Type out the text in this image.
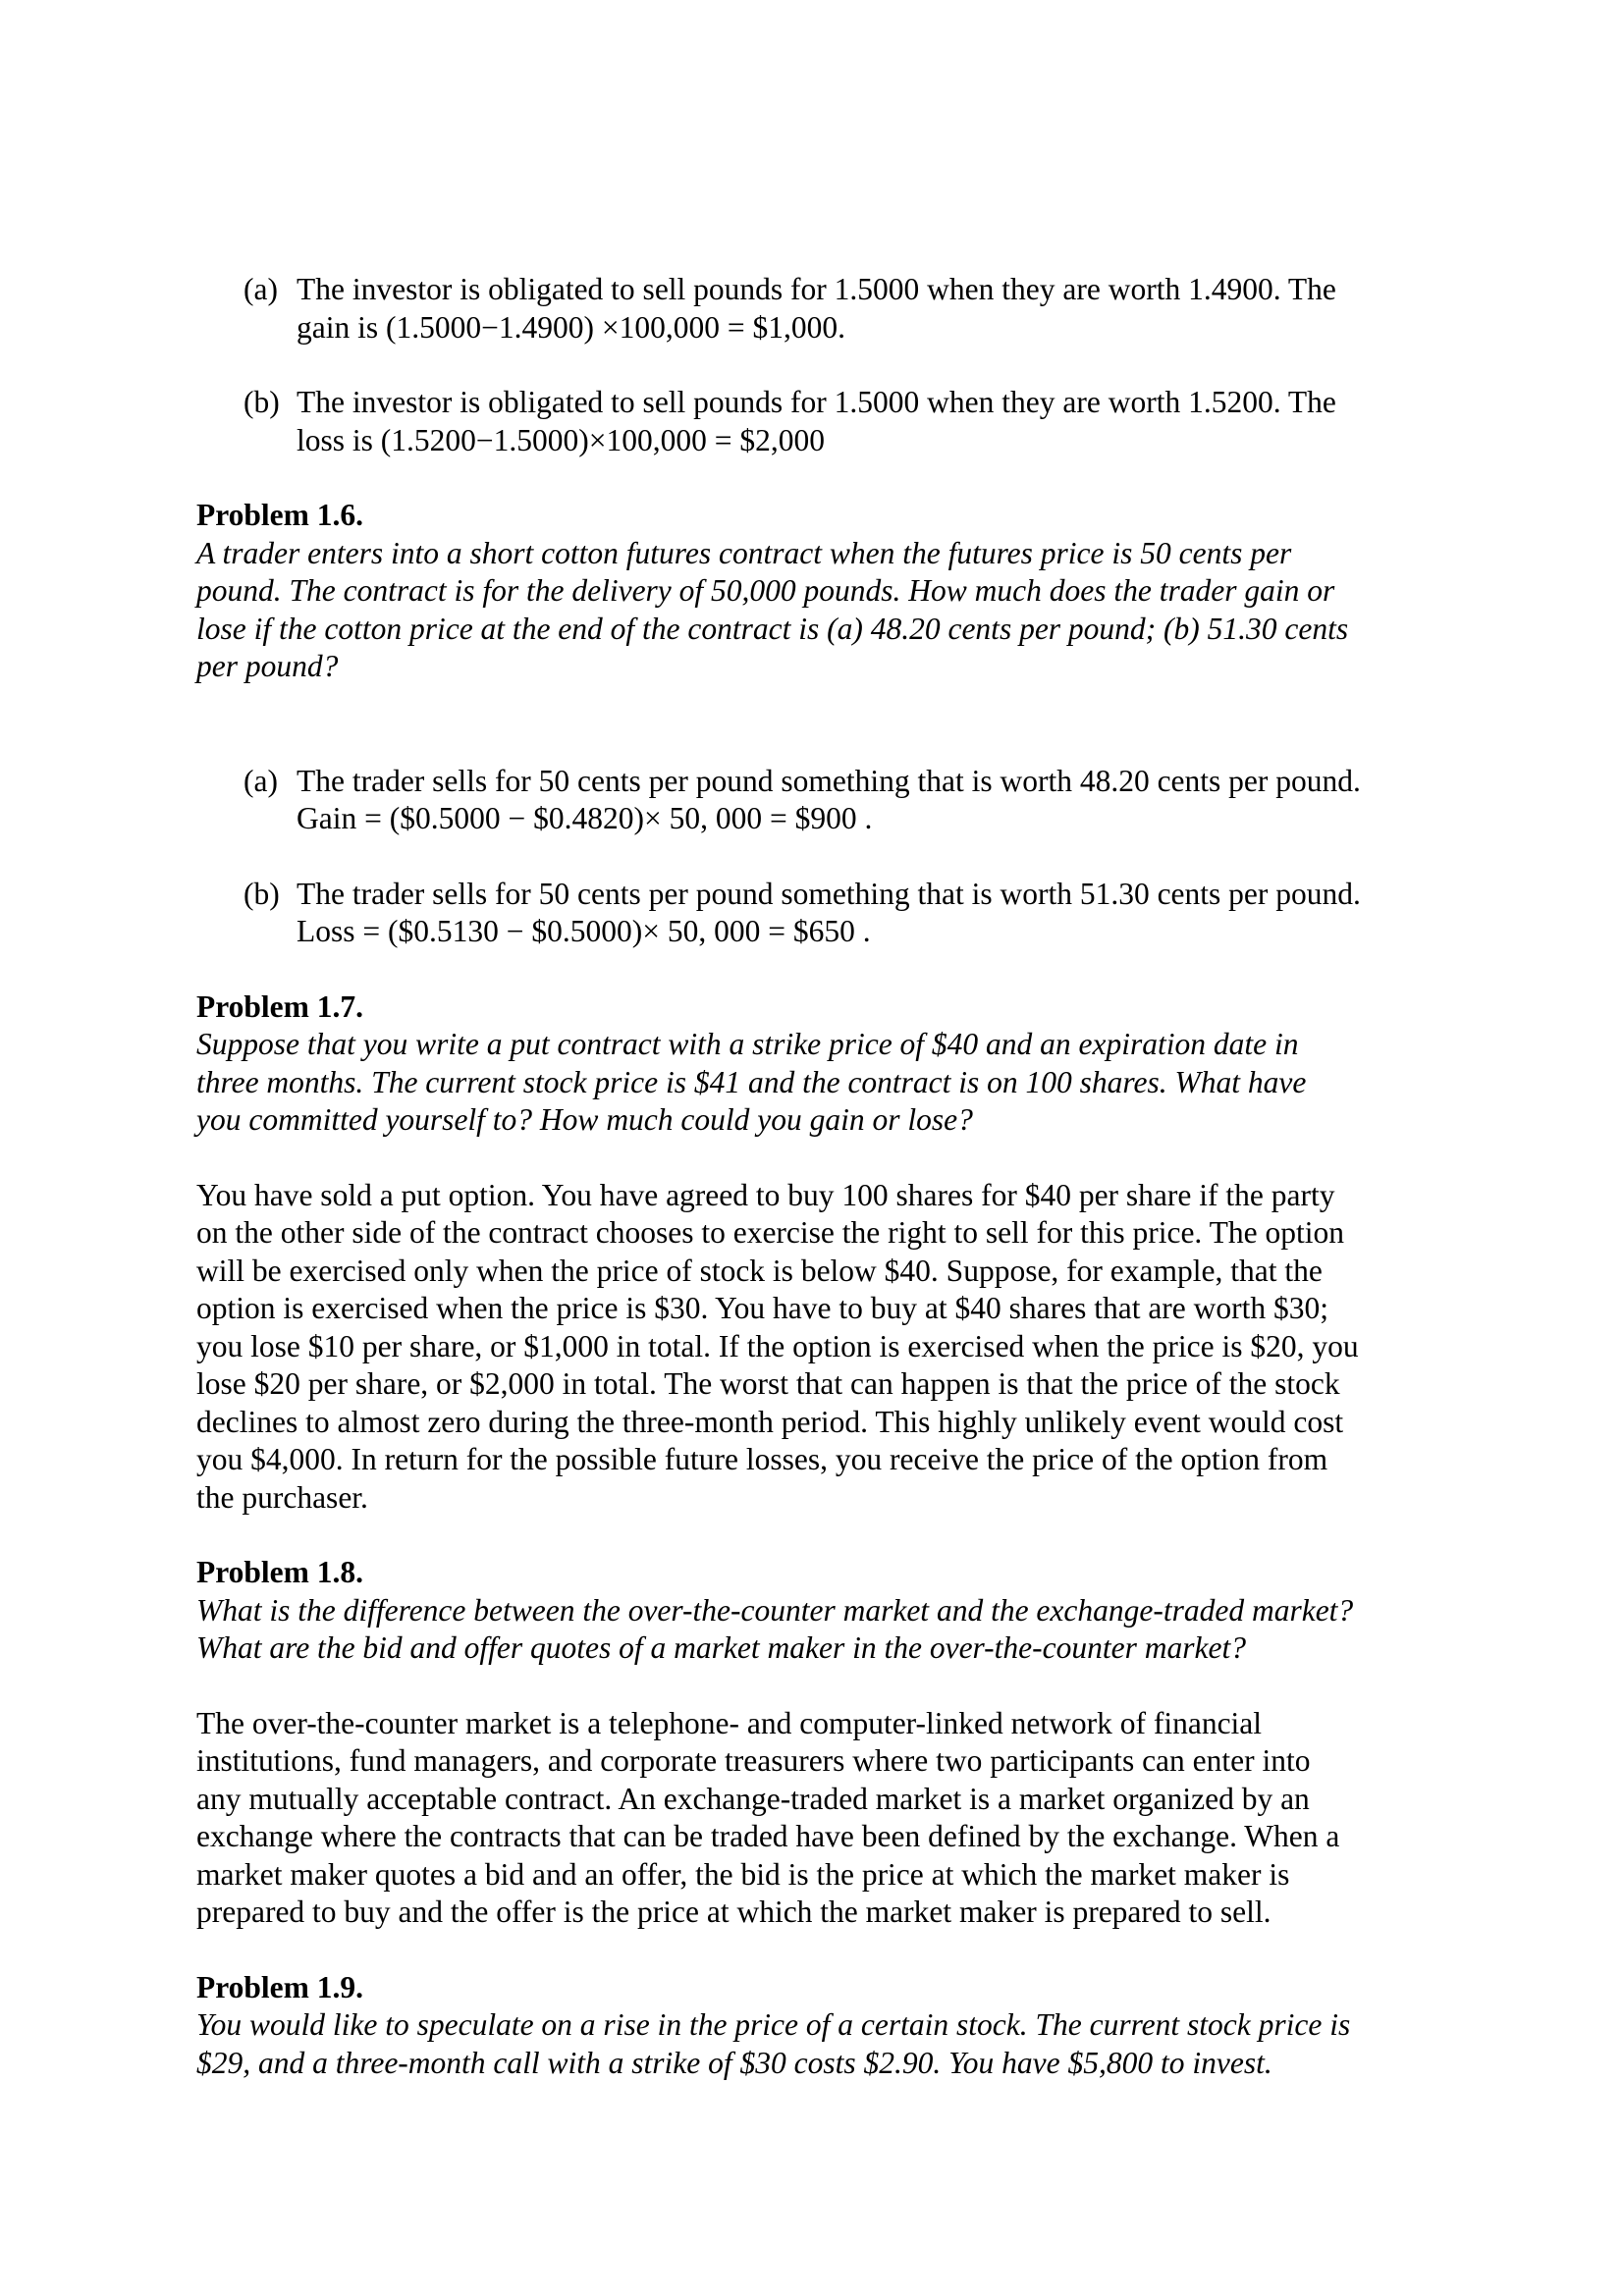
(a) The investor is obligated to sell pounds for 1.5000 when they are worth 1.4900. The
gain is (1.5000−1.4900) ×100,000 = $1,000.
(b) The investor is obligated to sell pounds for 1.5000 when they are worth 1.5200. The
loss is (1.5200−1.5000)×100,000 = $2,000
Problem 1.6.
A trader enters into a short cotton futures contract when the futures price is 50 cents per
pound. The contract is for the delivery of 50,000 pounds. How much does the trader gain or
lose if the cotton price at the end of the contract is (a) 48.20 cents per pound; (b) 51.30 cents
per pound?
(a) The trader sells for 50 cents per pound something that is worth 48.20 cents per pound.
Gain = ($0.5000 − $0.4820)× 50, 000 = $900 .
(b) The trader sells for 50 cents per pound something that is worth 51.30 cents per pound.
Loss = ($0.5130 − $0.5000)× 50, 000 = $650 .
Problem 1.7.
Suppose that you write a put contract with a strike price of $40 and an expiration date in
three months. The current stock price is $41 and the contract is on 100 shares. What have
you committed yourself to? How much could you gain or lose?
You have sold a put option. You have agreed to buy 100 shares for $40 per share if the party
on the other side of the contract chooses to exercise the right to sell for this price. The option
will be exercised only when the price of stock is below $40. Suppose, for example, that the
option is exercised when the price is $30. You have to buy at $40 shares that are worth $30;
you lose $10 per share, or $1,000 in total. If the option is exercised when the price is $20, you
lose $20 per share, or $2,000 in total. The worst that can happen is that the price of the stock
declines to almost zero during the three-month period. This highly unlikely event would cost
you $4,000. In return for the possible future losses, you receive the price of the option from
the purchaser.
Problem 1.8.
What is the difference between the over-the-counter market and the exchange-traded market?
What are the bid and offer quotes of a market maker in the over-the-counter market?
The over-the-counter market is a telephone- and computer-linked network of financial
institutions, fund managers, and corporate treasurers where two participants can enter into
any mutually acceptable contract. An exchange-traded market is a market organized by an
exchange where the contracts that can be traded have been defined by the exchange. When a
market maker quotes a bid and an offer, the bid is the price at which the market maker is
prepared to buy and the offer is the price at which the market maker is prepared to sell.
Problem 1.9.
You would like to speculate on a rise in the price of a certain stock. The current stock price is
$29, and a three-month call with a strike of $30 costs $2.90. You have $5,800 to invest.
